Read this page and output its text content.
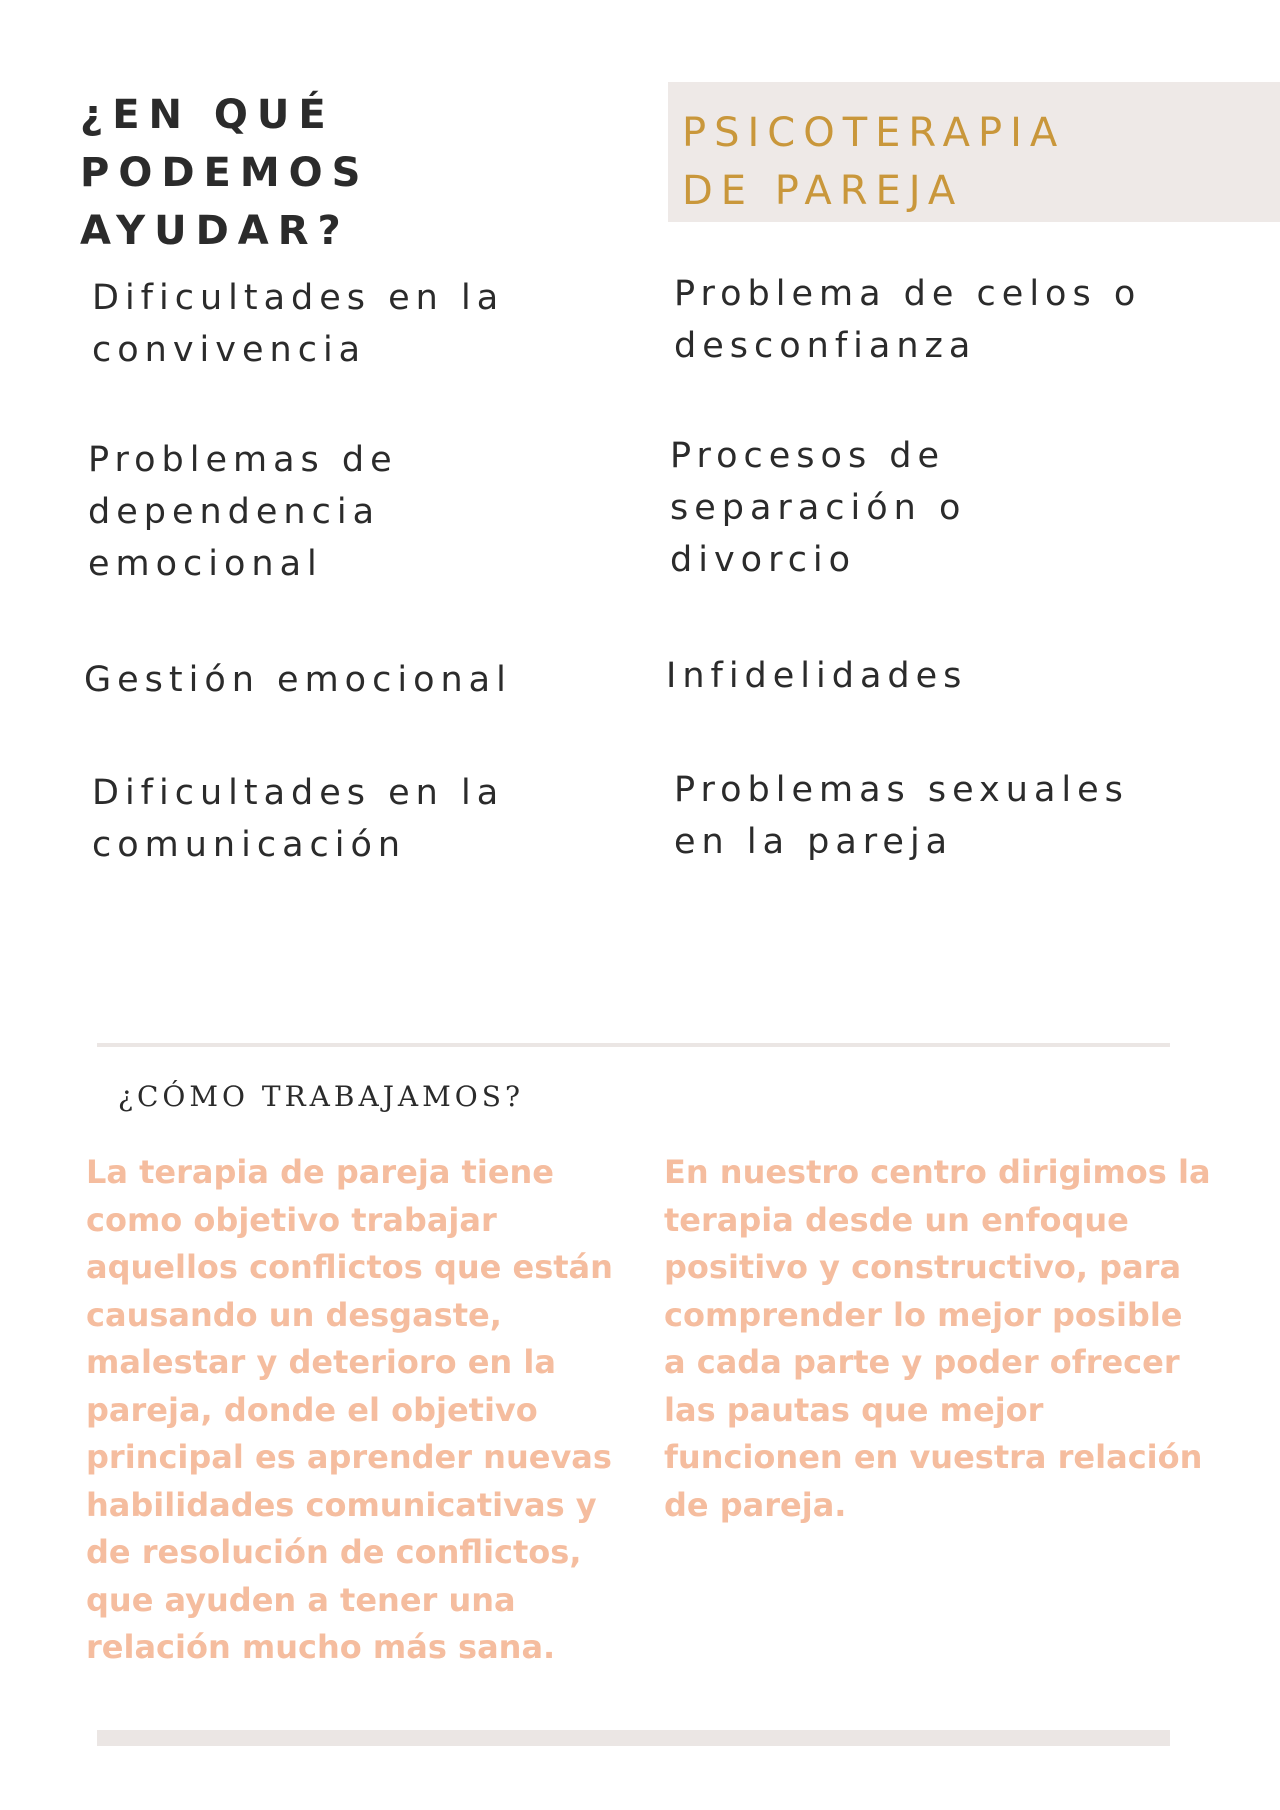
¿EN QUÉ PODEMOS
AYUDAR?
PSICOTERAPIA
DE PAREJA
Dificultades en la
convivencia
Problemas de
dependencia
emocional
Gestión emocional
Dificultades en la
comunicación
Problema de celos o
desconfianza
Procesos de
separación o
divorcio
Infidelidades
Problemas sexuales
en la pareja
¿CÓMO TRABAJAMOS?
La terapia de pareja tiene
como objetivo trabajar
aquellos conflictos que están
causando un desgaste,
malestar y deterioro en la
pareja, donde el objetivo
principal es aprender nuevas
habilidades comunicativas y
de resolución de conflictos,
que ayuden a tener una
relación mucho más sana.
En nuestro centro dirigimos la
terapia desde un enfoque
positivo y constructivo, para
comprender lo mejor posible
a cada parte y poder ofrecer
las pautas que mejor
funcionen en vuestra relación
de pareja.
